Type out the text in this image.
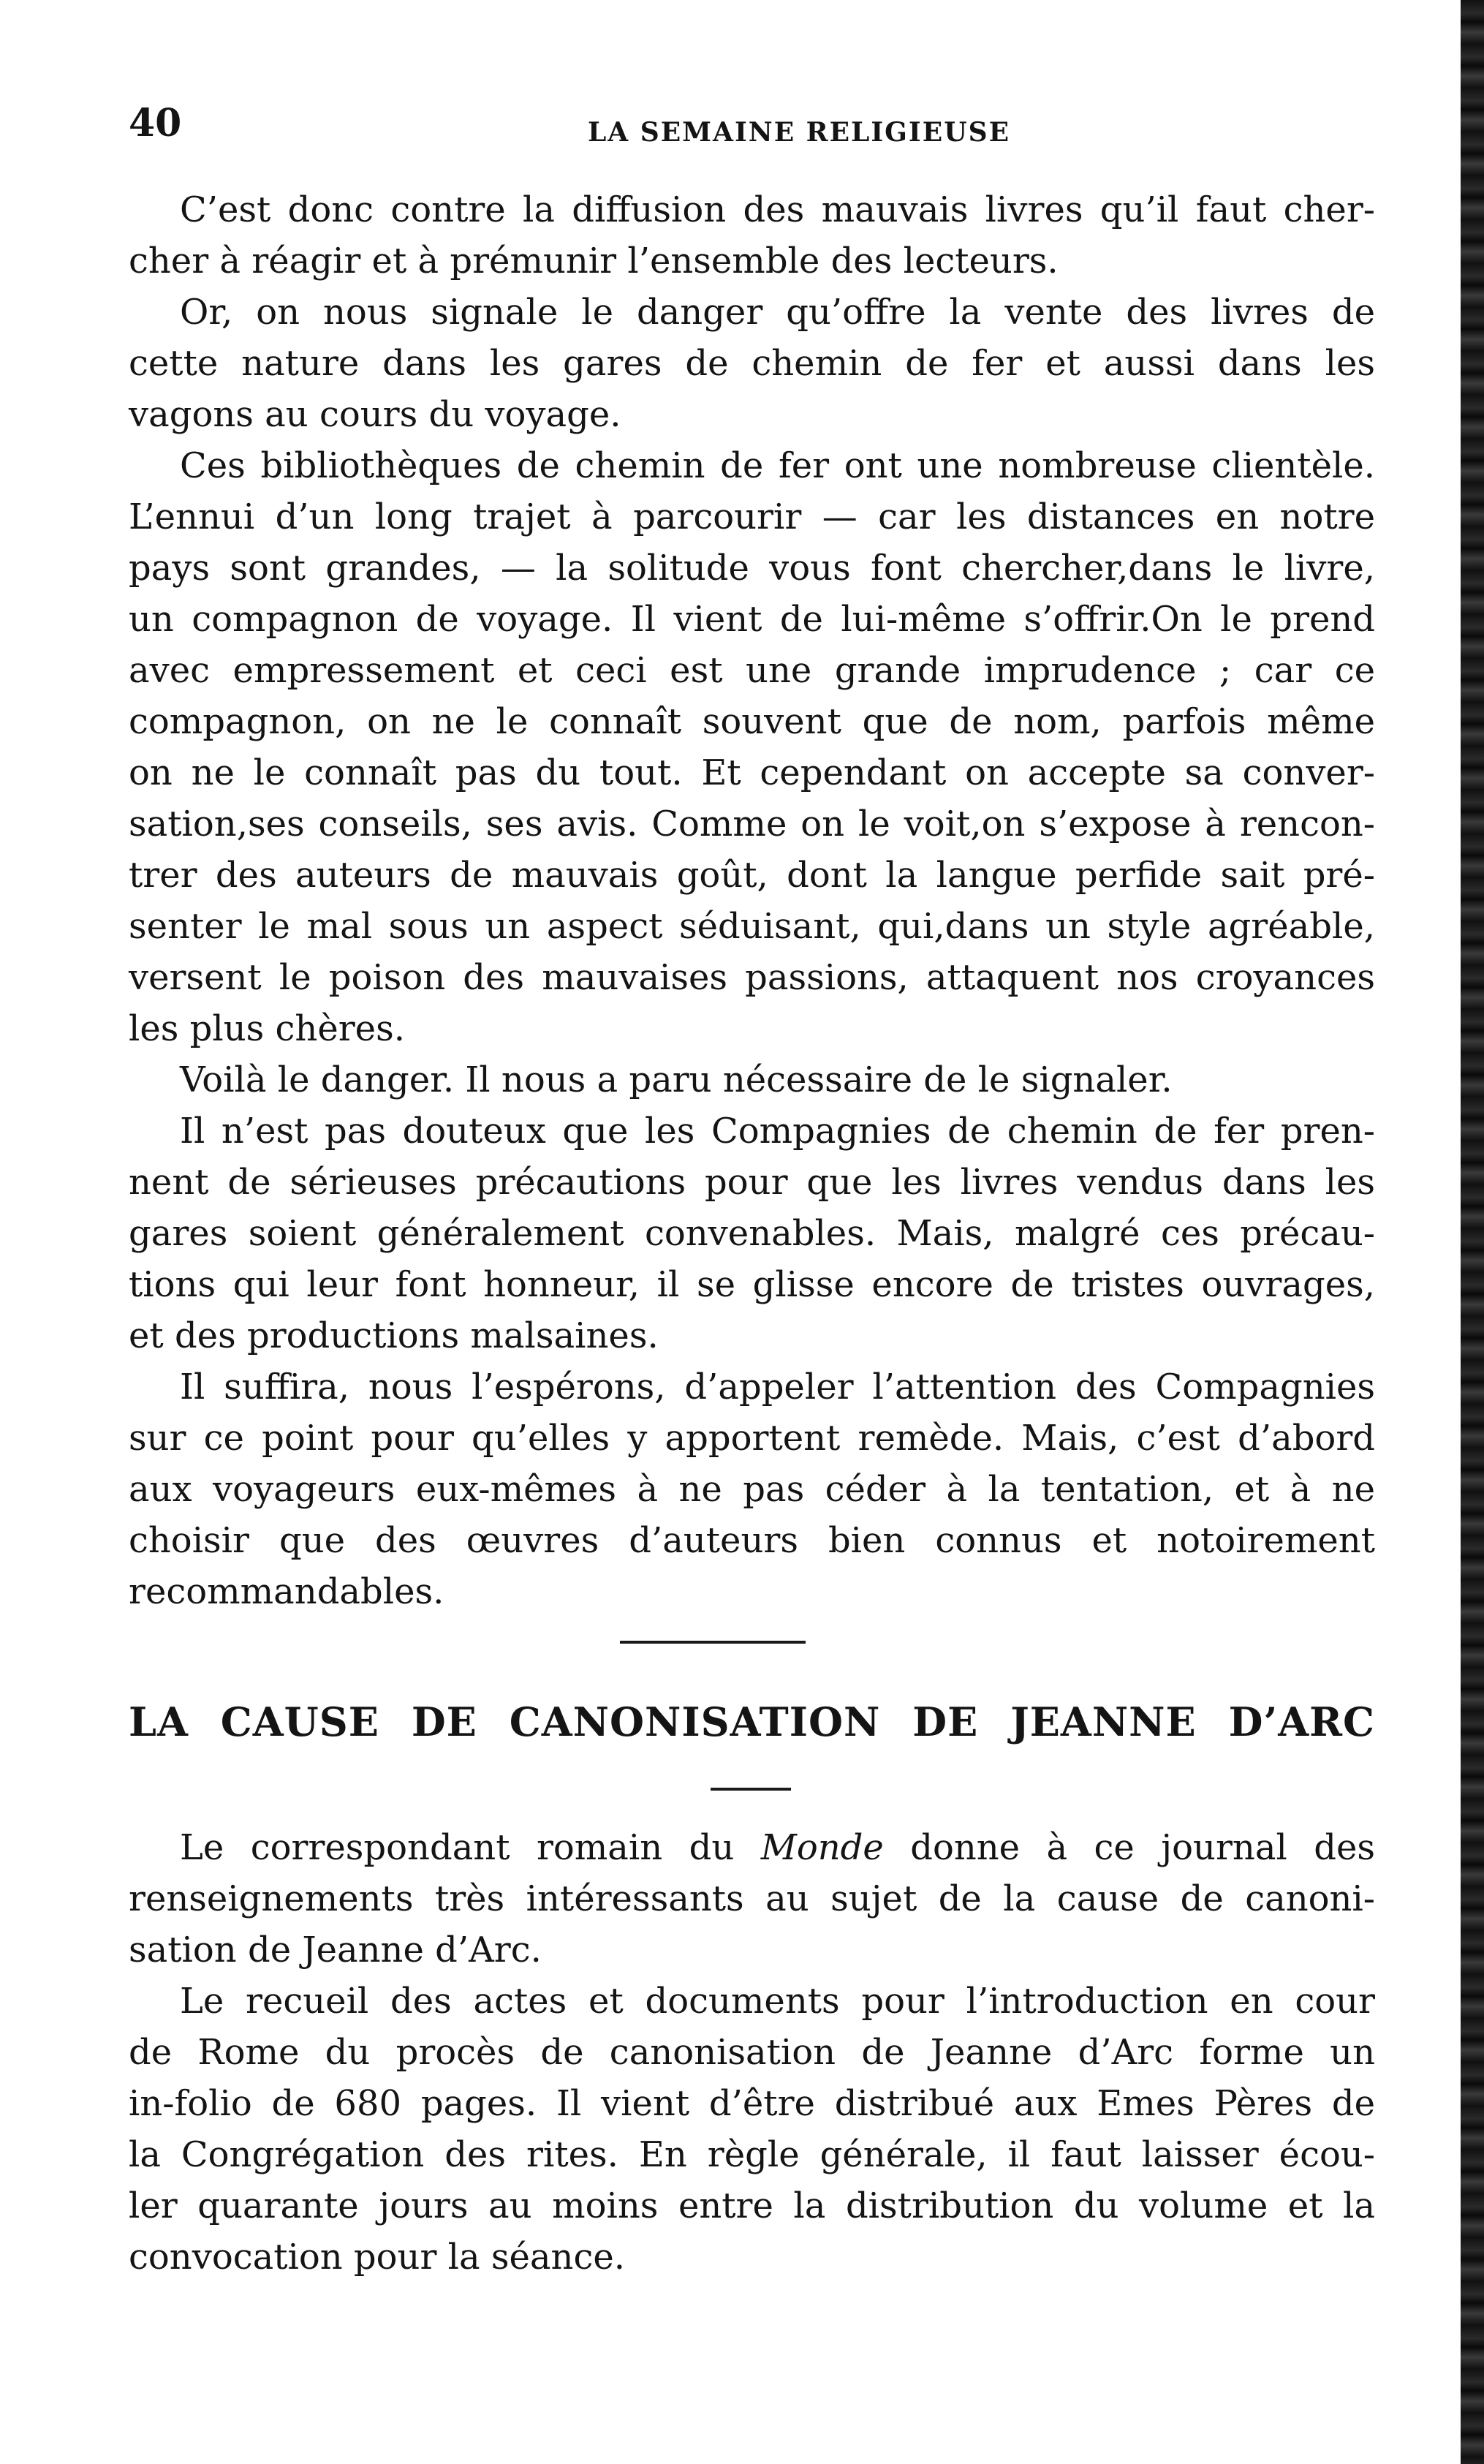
40	LA SEMAINE RELIGIEUSE
C’est donc contre la diffusion des mauvais livres qu’il faut cher-
cher à réagir et à prémunir l’ensemble des lecteurs.
Or, on nous signale le danger qu’offre la vente des livres de
cette nature dans les gares de chemin de fer et aussi dans les
vagons au cours du voyage.
Ces bibliothèques de chemin de fer ont une nombreuse clientèle.
L’ennui d’un long trajet à parcourir — car les distances en notre
pays sont grandes, — la solitude vous font chercher,dans le livre,
un compagnon de voyage. Il vient de lui-même s’offrir.On le prend
avec empressement et ceci est une grande imprudence ; car ce
compagnon, on ne le connaît souvent que de nom, parfois même
on ne le connaît pas du tout. Et cependant on accepte sa conver-
sation,ses conseils, ses avis. Comme on le voit,on s’expose à rencon-
trer des auteurs de mauvais goût, dont la langue perfide sait pré-
senter le mal sous un aspect séduisant, qui,dans un style agréable,
versent le poison des mauvaises passions, attaquent nos croyances
les plus chères.
Voilà le danger. Il nous a paru nécessaire de le signaler.
Il n’est pas douteux que les Compagnies de chemin de fer pren-
nent de sérieuses précautions pour que les livres vendus dans les
gares soient généralement convenables. Mais, malgré ces précau-
tions qui leur font honneur, il se glisse encore de tristes ouvrages,
et des productions malsaines.
Il suffira, nous l’espérons, d’appeler l’attention des Compagnies
sur ce point pour qu’elles y apportent remède. Mais, c’est d’abord
aux voyageurs eux-mêmes à ne pas céder à la tentation, et à ne
choisir que des œuvres d’auteurs bien connus et notoirement
recommandables.
LA CAUSE DE CANONISATION DE JEANNE D’ARC
Le correspondant romain du Monde donne à ce journal des
renseignements très intéressants au sujet de la cause de canoni-
sation de Jeanne d’Arc.
Le recueil des actes et documents pour l’introduction en cour
de Rome du procès de canonisation de Jeanne d’Arc forme un
in-folio de 680 pages. Il vient d’être distribué aux Emes Pères de
la Congrégation des rites. En règle générale, il faut laisser écou-
ler quarante jours au moins entre la distribution du volume et la
convocation pour la séance.
